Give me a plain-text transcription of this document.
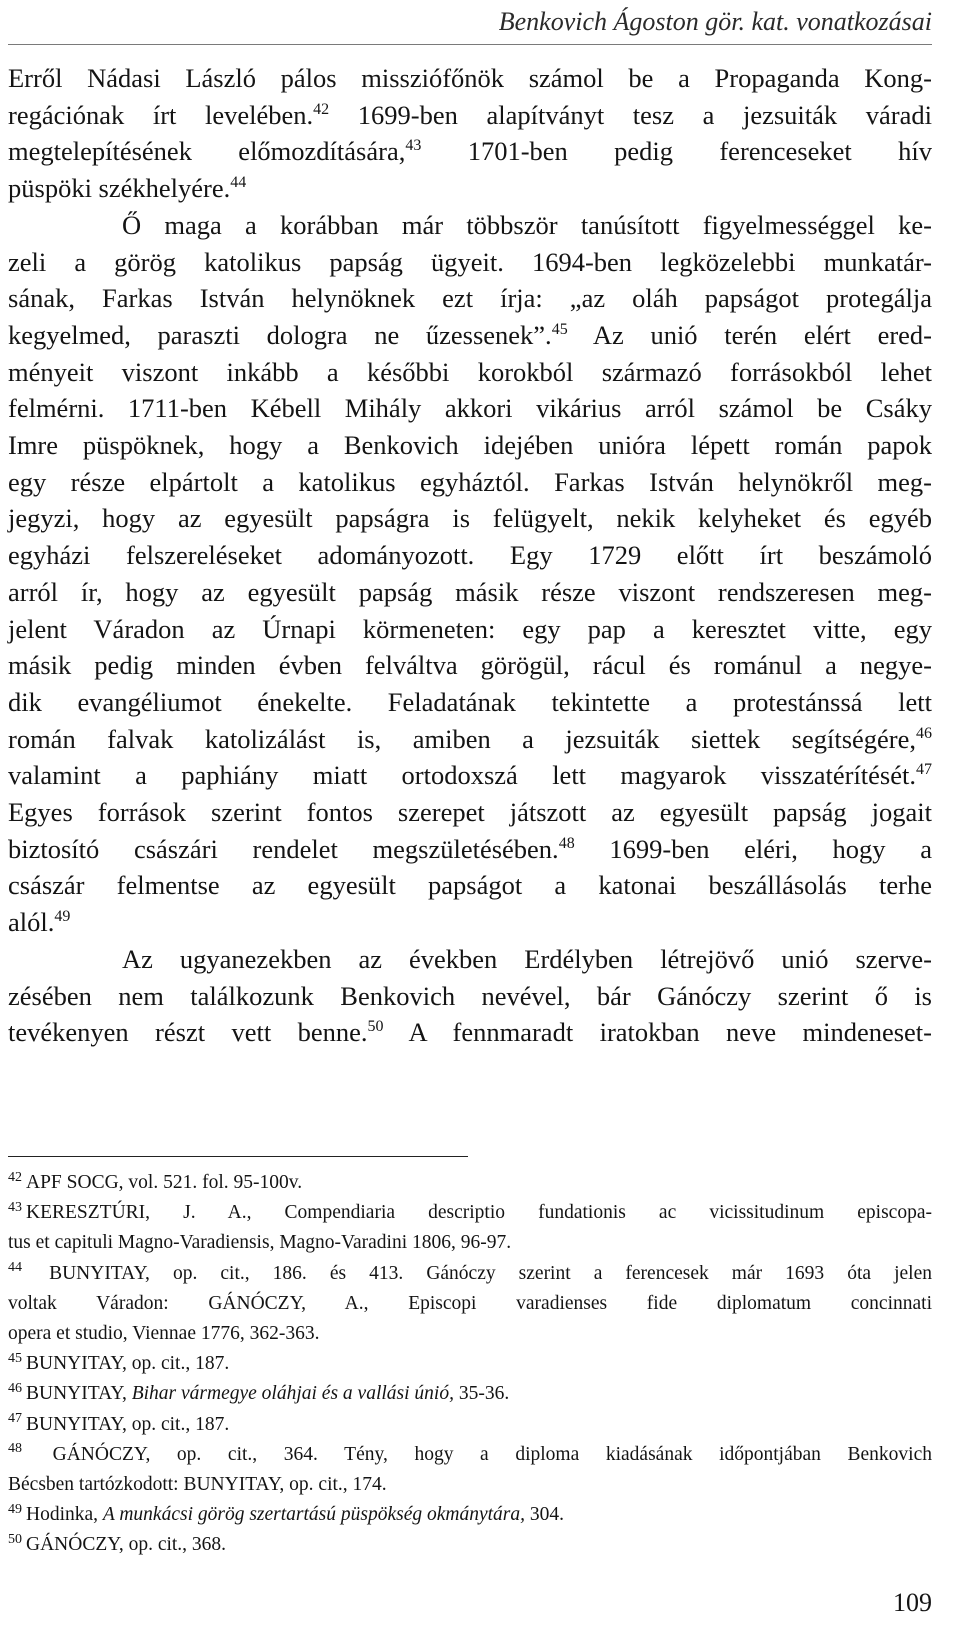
Benkovich Ágoston gör. kat. vonatkozásai
Erről Nádasi László pálos missziófőnök számol be a Propaganda Kong-
regációnak írt levelében.$^{42}$ 1699-ben alapítványt tesz a jezsuiták váradi
megtelepítésének előmozdítására,$^{43}$ 1701-ben pedig ferenceseket hív
püspöki székhelyére.$^{44}$
Ő maga a korábban már többször tanúsított figyelmességgel ke-
zeli a görög katolikus papság ügyeit. 1694-ben legközelebbi munkatár-
sának, Farkas István helynöknek ezt írja: „az oláh papságot protegálja
kegyelmed, paraszti dologra ne űzessenek”.$^{45}$ Az unió terén elért ered-
ményeit viszont inkább a későbbi korokból származó forrásokból lehet
felmérni. 1711-ben Kébell Mihály akkori vikárius arról számol be Csáky
Imre püspöknek, hogy a Benkovich idejében unióra lépett román papok
egy része elpártolt a katolikus egyháztól. Farkas István helynökről meg-
jegyzi, hogy az egyesült papságra is felügyelt, nekik kelyheket és egyéb
egyházi felszereléseket adományozott. Egy 1729 előtt írt beszámoló
arról ír, hogy az egyesült papság másik része viszont rendszeresen meg-
jelent Váradon az Úrnapi körmeneten: egy pap a keresztet vitte, egy
másik pedig minden évben felváltva görögül, rácul és románul a negye-
dik evangéliumot énekelte. Feladatának tekintette a protestánssá lett
román falvak katolizálást is, amiben a jezsuiták siettek segítségére,$^{46}$
valamint a paphiány miatt ortodoxszá lett magyarok visszatérítését.$^{47}$
Egyes források szerint fontos szerepet játszott az egyesült papság jogait
biztosító császári rendelet megszületésében.$^{48}$ 1699-ben eléri, hogy a
császár felmentse az egyesült papságot a katonai beszállásolás terhe
alól.$^{49}$
Az ugyanezekben az években Erdélyben létrejövő unió szerve-
zésében nem találkozunk Benkovich nevével, bár Gánóczy szerint ő is
tevékenyen részt vett benne.$^{50}$ A fennmaradt iratokban neve mindeneset-
$^{42}$ APF SOCG, vol. 521. fol. 95-100v.
$^{43}$ KERESZTÚRI, J. A., Compendiaria descriptio fundationis ac vicissitudinum episcopa-
tus et capituli Magno-Varadiensis, Magno-Varadini 1806, 96-97.
$^{44}$ BUNYITAY, op. cit., 186. és 413. Gánóczy szerint a ferencesek már 1693 óta jelen
voltak Váradon: GÁNÓCZY, A., Episcopi varadienses fide diplomatum concinnati
opera et studio, Viennae 1776, 362-363.
$^{45}$ BUNYITAY, op. cit., 187.
$^{46}$ BUNYITAY, Bihar vármegye oláhjai és a vallási únió, 35-36.
$^{47}$ BUNYITAY, op. cit., 187.
$^{48}$ GÁNÓCZY, op. cit., 364. Tény, hogy a diploma kiadásának időpontjában Benkovich
Bécsben tartózkodott: BUNYITAY, op. cit., 174.
$^{49}$ Hodinka, A munkácsi görög szertartású püspökség okmánytára, 304.
$^{50}$ GÁNÓCZY, op. cit., 368.
109
